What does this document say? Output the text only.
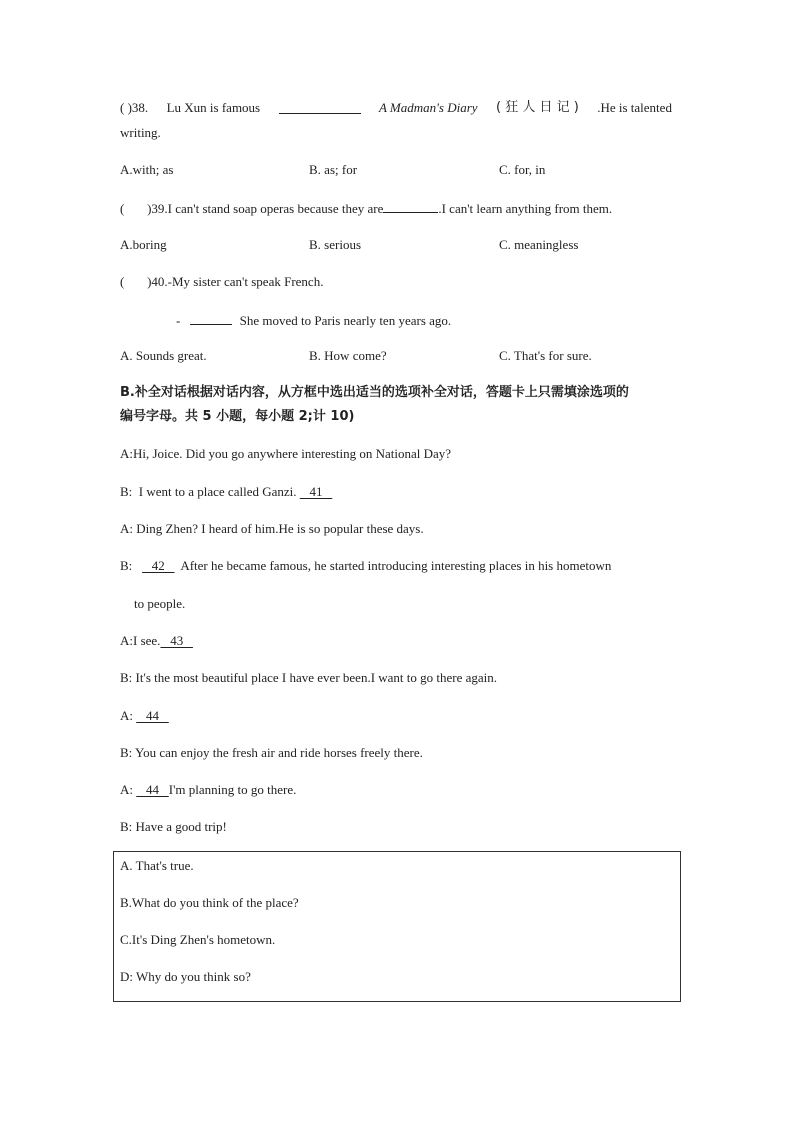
( )38. Lu Xun is famous	A Madman's Diary ( 狂 人 日 记 ) .He is talented
writing.
A.with; as	B. as; for	C. for, in
(       )39.I can't stand soap operas because they are	.I can't learn anything from them.
A.boring	B. serious	C. meaningless
(       )40.-My sister can't speak French.
-	She moved to Paris nearly ten years ago.
A. Sounds great.	B. How come?	C. That's for sure.
B.补全对话根据对话内容，从方框中选出适当的选项补全对话，答题卡上只需填涂选项的
编号字母。共 5 小题，每小题 2;计 10)
A:Hi, Joice. Did you go anywhere interesting on National Day?
B:  I went to a place called Ganzi.    41
A: Ding Zhen? I heard of him.He is so popular these days.
B:      42     After he became famous, he started introducing interesting places in his hometown
to people.
A:I see.   43
B: It's the most beautiful place I have ever been.I want to go there again.
A:    44
B: You can enjoy the fresh air and ride horses freely there.
A:    44   I'm planning to go there.
B: Have a good trip!
A. That's true.
B.What do you think of the place?
C.It's Ding Zhen's hometown.
D: Why do you think so?
